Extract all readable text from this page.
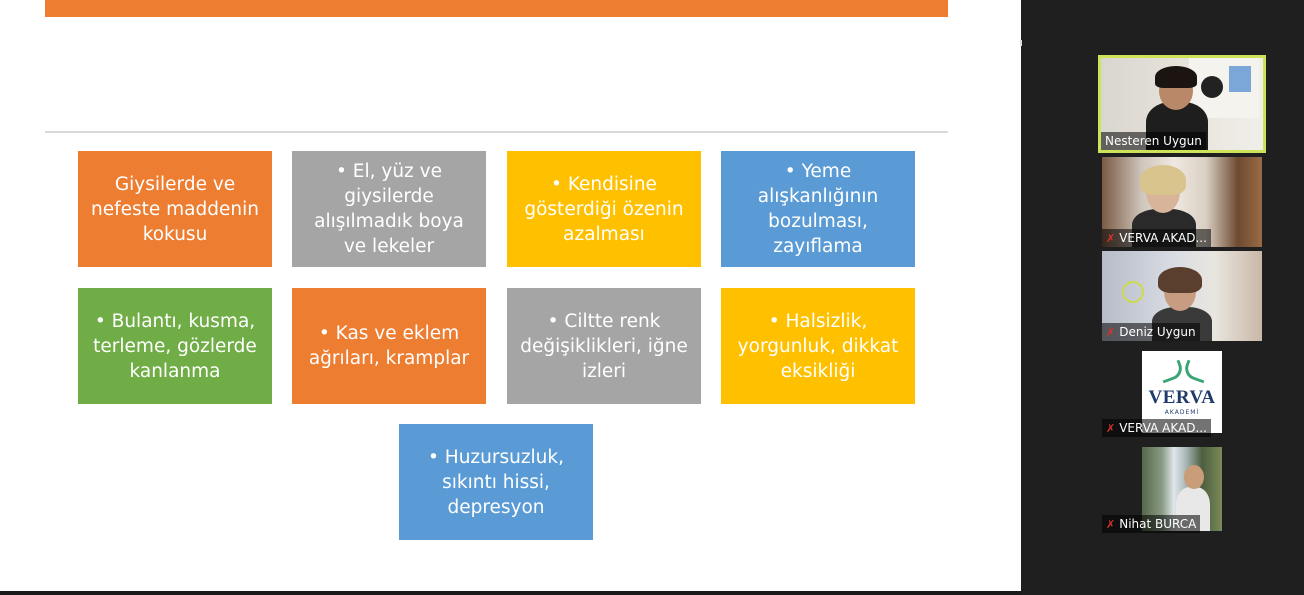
Giysilerde ve nefeste maddenin kokusu
• El, yüz ve giysilerde alışılmadık boya ve lekeler
• Kendisine gösterdiği özenin azalması
• Yeme alışkanlığının bozulması, zayıflama
• Bulantı, kusma, terleme, gözlerde kanlanma
• Kas ve eklem ağrıları, kramplar
• Ciltte renk değişiklikleri, iğne izleri
• Halsizlik, yorgunluk, dikkat eksikliği
• Huzursuzluk, sıkıntı hissi, depresyon
Nesteren Uygun
✗ VERVA AKAD...
✗ Deniz Uygun
VERVA
AKADEMİ
✗ VERVA AKAD...
✗ Nihat BURCA
